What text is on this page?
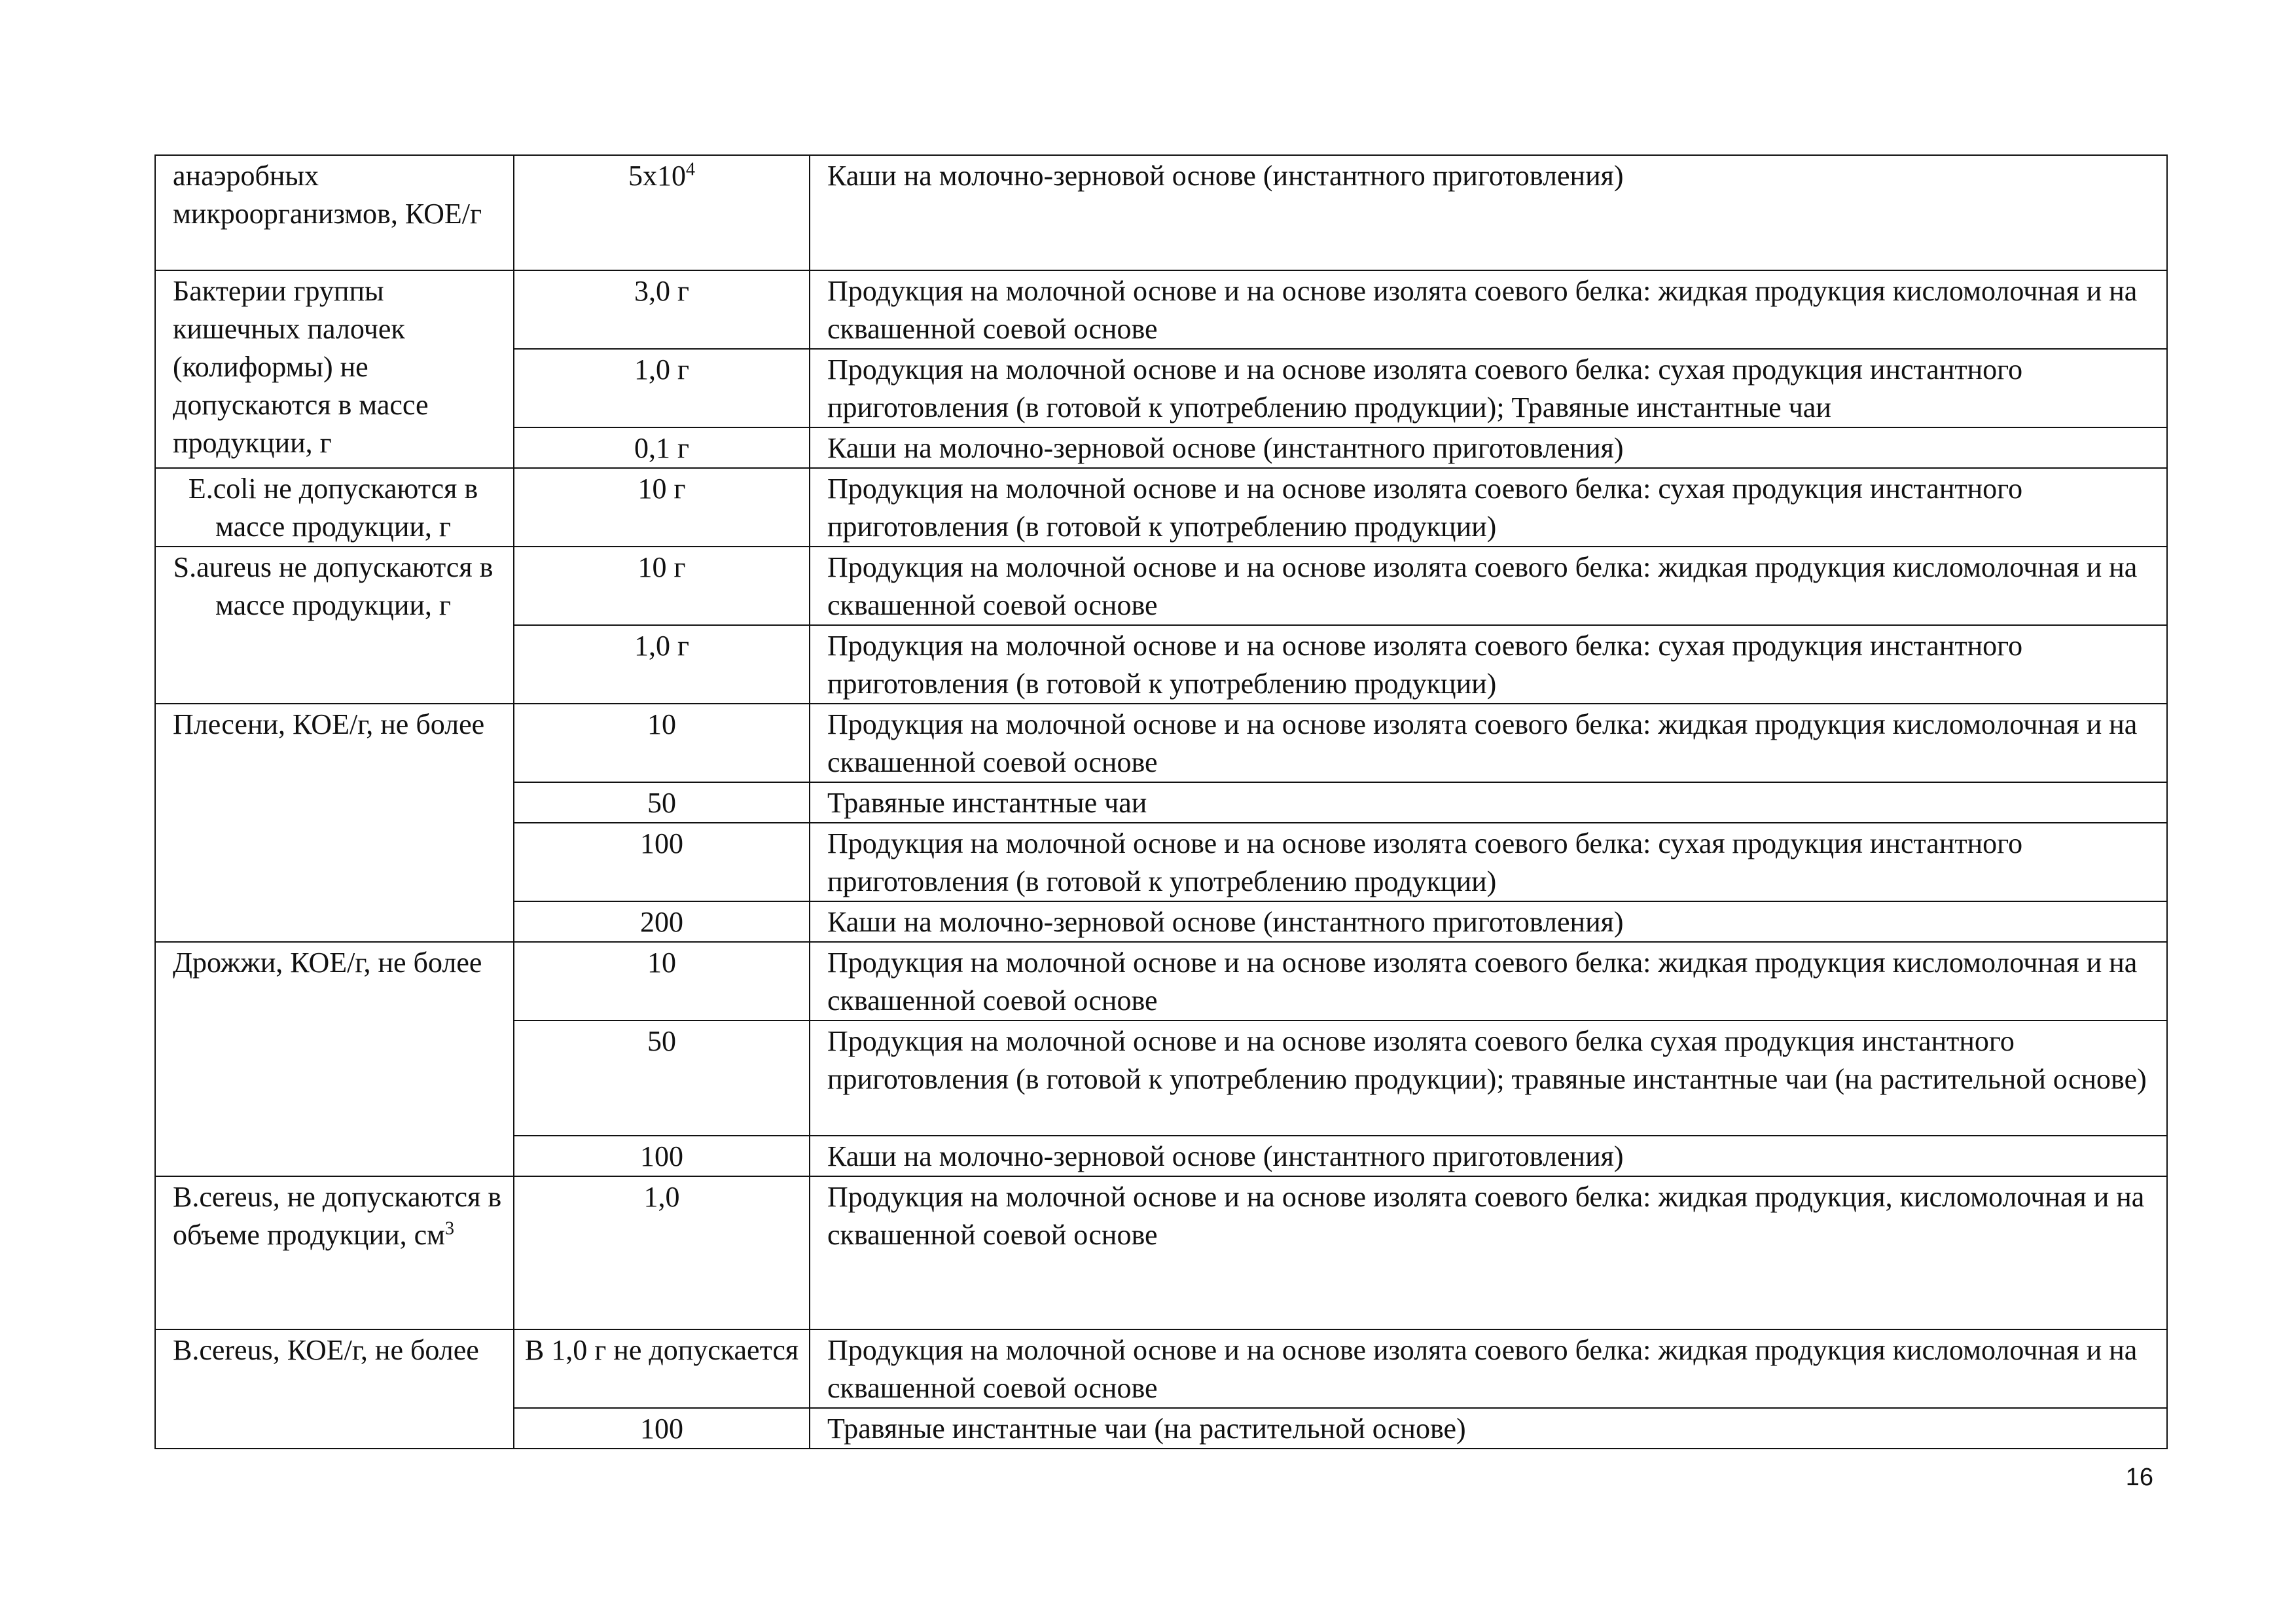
анаэробных микроорганизмов, КОЕ/г	$5х10^4$	Каши на молочно-зерновой основе (инстантного приготовления)
Бактерии группы кишечных палочек (колиформы) не допускаются в массе продукции, г	3,0 г	Продукция на молочной основе и на основе изолята соевого белка: жидкая продукция кисломолочная и на сквашенной соевой основе
	1,0 г	Продукция на молочной основе и на основе изолята соевого белка: сухая продукция инстантного приготовления (в готовой к употреблению продукции); Травяные инстантные чаи
	0,1 г	Каши на молочно-зерновой основе (инстантного приготовления)
E.coli не допускаются в массе продукции, г	10 г	Продукция на молочной основе и на основе изолята соевого белка: сухая продукция инстантного приготовления (в готовой к употреблению продукции)
S.aureus не допускаются в массе продукции, г	10 г	Продукция на молочной основе и на основе изолята соевого белка: жидкая продукция кисломолочная и на сквашенной соевой основе
	1,0 г	Продукция на молочной основе и на основе изолята соевого белка: сухая продукция инстантного приготовления (в готовой к употреблению продукции)
Плесени, КОЕ/г, не более	10	Продукция на молочной основе и на основе изолята соевого белка: жидкая продукция кисломолочная и на сквашенной соевой основе
	50	Травяные инстантные чаи
	100	Продукция на молочной основе и на основе изолята соевого белка: сухая продукция инстантного приготовления (в готовой к употреблению продукции)
	200	Каши на молочно-зерновой основе (инстантного приготовления)
Дрожжи, КОЕ/г, не более	10	Продукция на молочной основе и на основе изолята соевого белка: жидкая продукция кисломолочная и на сквашенной соевой основе
	50	Продукция на молочной основе и на основе изолята соевого белка сухая продукция инстантного приготовления (в готовой к употреблению продукции); травяные инстантные чаи (на растительной основе)
	100	Каши на молочно-зерновой основе (инстантного приготовления)
B.cereus, не допускаются в объеме продукции, $см^3$	1,0	Продукция на молочной основе и на основе изолята соевого белка: жидкая продукция, кисломолочная и на сквашенной соевой основе
B.cereus, КОЕ/г, не более	В 1,0 г не допускается	Продукция на молочной основе и на основе изолята соевого белка: жидкая продукция кисломолочная и на сквашенной соевой основе
	100	Травяные инстантные чаи (на растительной основе)
16
